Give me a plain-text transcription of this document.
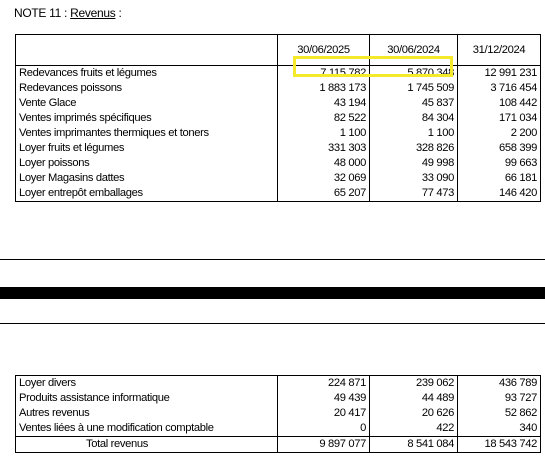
NOTE 11 : Revenus :
	30/06/2025	30/06/2024	31/12/2024
Redevances fruits et légumes	7 115 782	5 870 348	12 991 231
Redevances poissons	1 883 173	1 745 509	3 716 454
Vente Glace	43 194	45 837	108 442
Ventes imprimés spécifiques	82 522	84 304	171 034
Ventes imprimantes thermiques et toners	1 100	1 100	2 200
Loyer fruits et légumes	331 303	328 826	658 399
Loyer poissons	48 000	49 998	99 663
Loyer Magasins dattes	32 069	33 090	66 181
Loyer entrepôt emballages	65 207	77 473	146 420
Loyer divers	224 871	239 062	436 789
Produits assistance informatique	49 439	44 489	93 727
Autres revenus	20 417	20 626	52 862
Ventes liées à une modification comptable	0	422	340
Total revenus	9 897 077	8 541 084	18 543 742
